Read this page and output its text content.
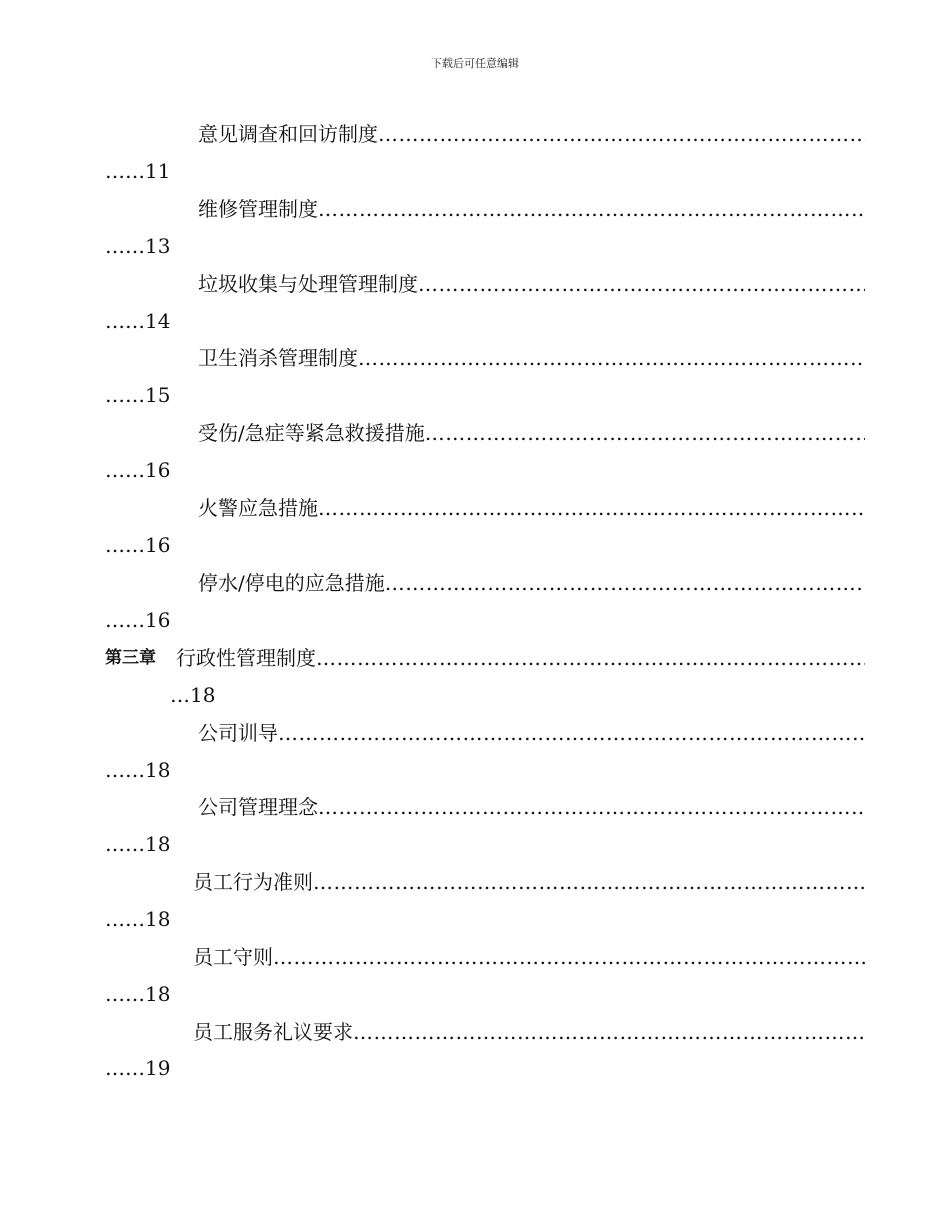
下载后可任意编辑
意见调查和回访制度
……………………………………………………………………………………………………………………………………………………………………………………………………………………………………………………………………………
……11
维修管理制度
……………………………………………………………………………………………………………………………………………………………………………………………………………………………………………………………………………
……13
垃圾收集与处理管理制度
……………………………………………………………………………………………………………………………………………………………………………………………………………………………………………………………………………
……14
卫生消杀管理制度
……………………………………………………………………………………………………………………………………………………………………………………………………………………………………………………………………………
……15
受伤/急症等紧急救援措施
……………………………………………………………………………………………………………………………………………………………………………………………………………………………………………………………………………
……16
火警应急措施
……………………………………………………………………………………………………………………………………………………………………………………………………………………………………………………………………………
……16
停水/停电的应急措施
……………………………………………………………………………………………………………………………………………………………………………………………………………………………………………………………………………
……16
第三章 行政性管理制度
……………………………………………………………………………………………………………………………………………………………………………………………………………………………………………………………………………
…18
公司训导
……………………………………………………………………………………………………………………………………………………………………………………………………………………………………………………………………………
……18
公司管理理念
……………………………………………………………………………………………………………………………………………………………………………………………………………………………………………………………………………
……18
员工行为准则
……………………………………………………………………………………………………………………………………………………………………………………………………………………………………………………………………………
……18
员工守则
……………………………………………………………………………………………………………………………………………………………………………………………………………………………………………………………………………
……18
员工服务礼议要求
……………………………………………………………………………………………………………………………………………………………………………………………………………………………………………………………………………
……19
